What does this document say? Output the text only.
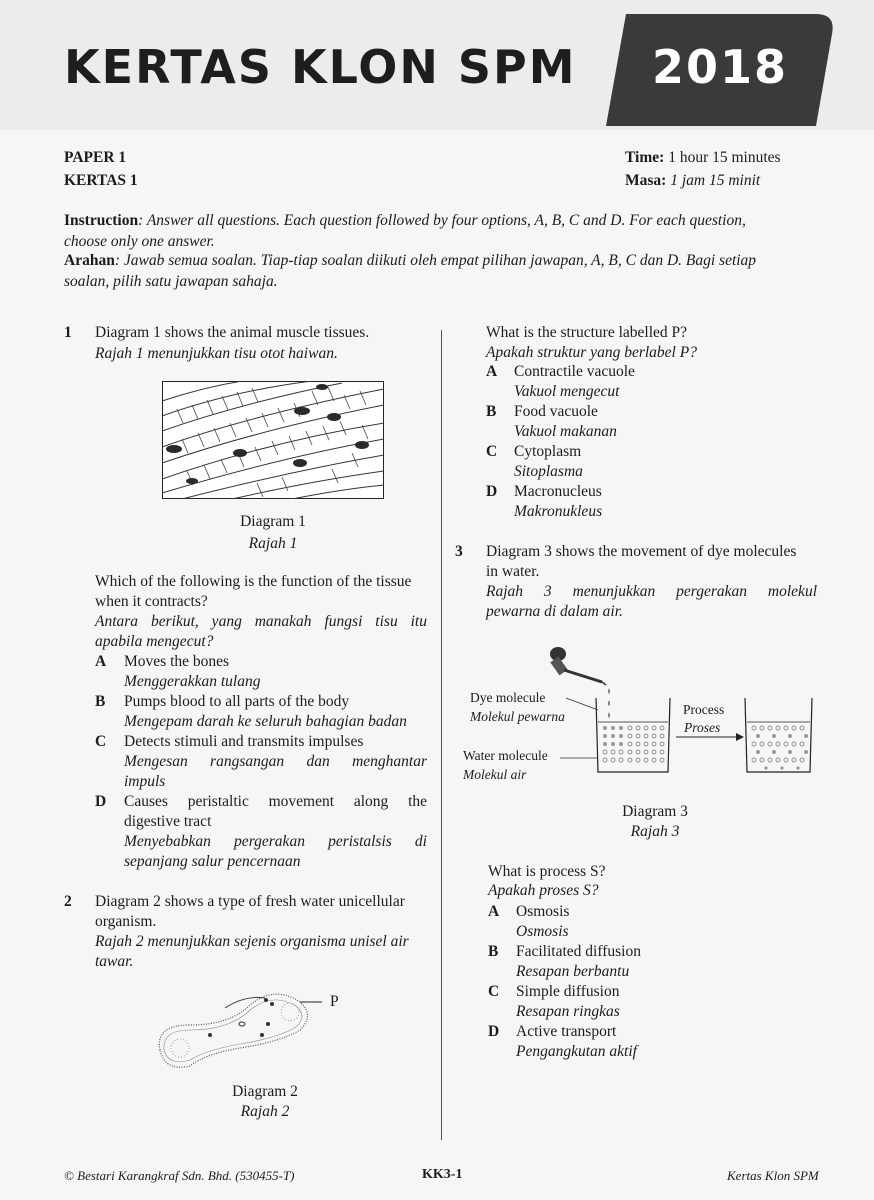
KERTAS KLON SPM 2018
PAPER 1
KERTAS 1
Time: 1 hour 15 minutes
Masa: 1 jam 15 minit
Instruction: Answer all questions. Each question followed by four options, A, B, C and D. For each question,
choose only one answer.
Arahan: Jawab semua soalan. Tiap-tiap soalan diikuti oleh empat pilihan jawapan, A, B, C dan D. Bagi setiap
soalan, pilih satu jawapan sahaja.
1 Diagram 1 shows the animal muscle tissues.
Rajah 1 menunjukkan tisu otot haiwan.
Diagram 1
Rajah 1
Which of the following is the function of the tissue
when it contracts?
Antara berikut, yang manakah fungsi tisu itu
apabila mengecut?
A Moves the bones
Menggerakkan tulang
B Pumps blood to all parts of the body
Mengepam darah ke seluruh bahagian badan
C Detects stimuli and transmits impulses
Mengesan rangsangan dan menghantar
impuls
D Causes peristaltic movement along the
digestive tract
Menyebabkan pergerakan peristalsis di
sepanjang salur pencernaan
2 Diagram 2 shows a type of fresh water unicellular
organism.
Rajah 2 menunjukkan sejenis organisma unisel air
tawar.
P
Diagram 2
Rajah 2
What is the structure labelled P?
Apakah struktur yang berlabel P?
A Contractile vacuole
Vakuol mengecut
B Food vacuole
Vakuol makanan
C Cytoplasm
Sitoplasma
D Macronucleus
Makronukleus
3 Diagram 3 shows the movement of dye molecules
in water.
Rajah 3 menunjukkan pergerakan molekul
pewarna di dalam air.
Dye molecule
Molekul pewarna
Water molecule
Molekul air
Process
Proses
Diagram 3
Rajah 3
What is process S?
Apakah proses S?
A Osmosis
Osmosis
B Facilitated diffusion
Resapan berbantu
C Simple diffusion
Resapan ringkas
D Active transport
Pengangkutan aktif
© Bestari Karangkraf Sdn. Bhd. (530455-T)	KK3-1	Kertas Klon SPM
